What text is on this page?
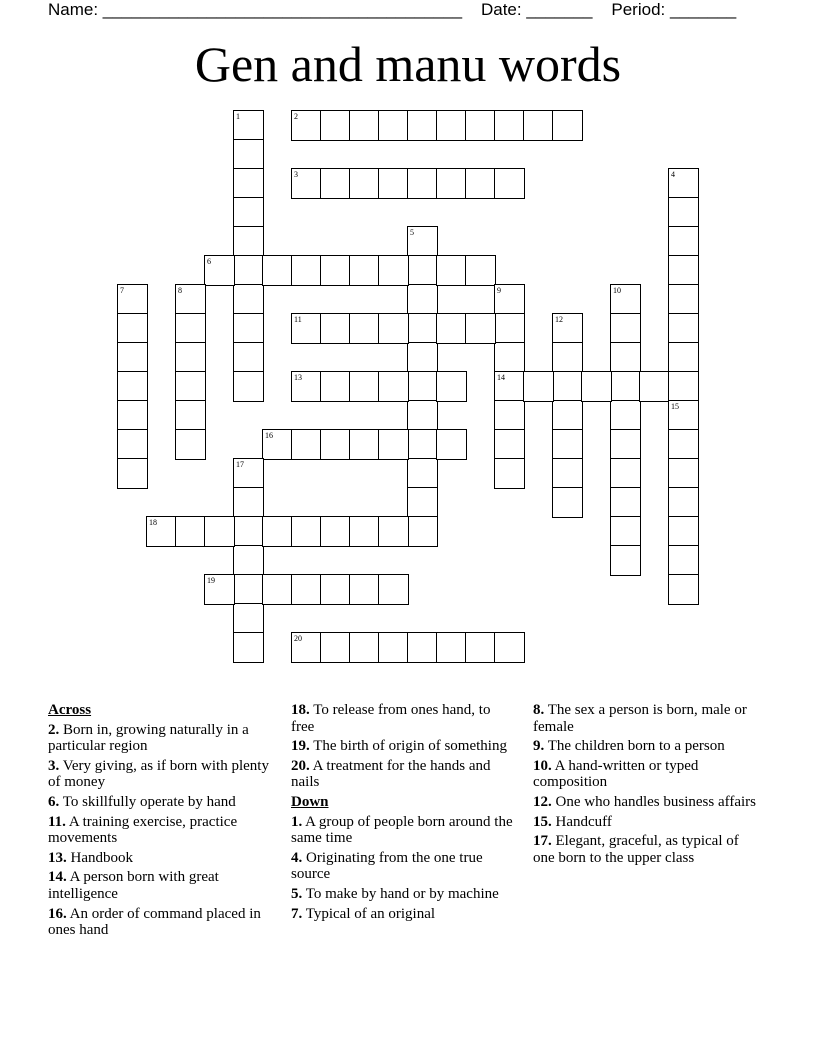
Name: ______________________________________    Date: _______    Period: _______
Gen and manu words
1	2
3	4
5
6
7	8	9	10
11	12
13	14
15
16
17
18
19
20
Across
2. Born in, growing naturally in a particular region
3. Very giving, as if born with plenty of money
6. To skillfully operate by hand
11. A training exercise, practice movements
13. Handbook
14. A person born with great intelligence
16. An order of command placed in ones hand
18. To release from ones hand, to free
19. The birth of origin of something
20. A treatment for the hands and nails
Down
1. A group of people born around the same time
4. Originating from the one true source
5. To make by hand or by machine
7. Typical of an original
8. The sex a person is born, male or female
9. The children born to a person
10. A hand-written or typed composition
12. One who handles business affairs
15. Handcuff
17. Elegant, graceful, as typical of one born to the upper class
